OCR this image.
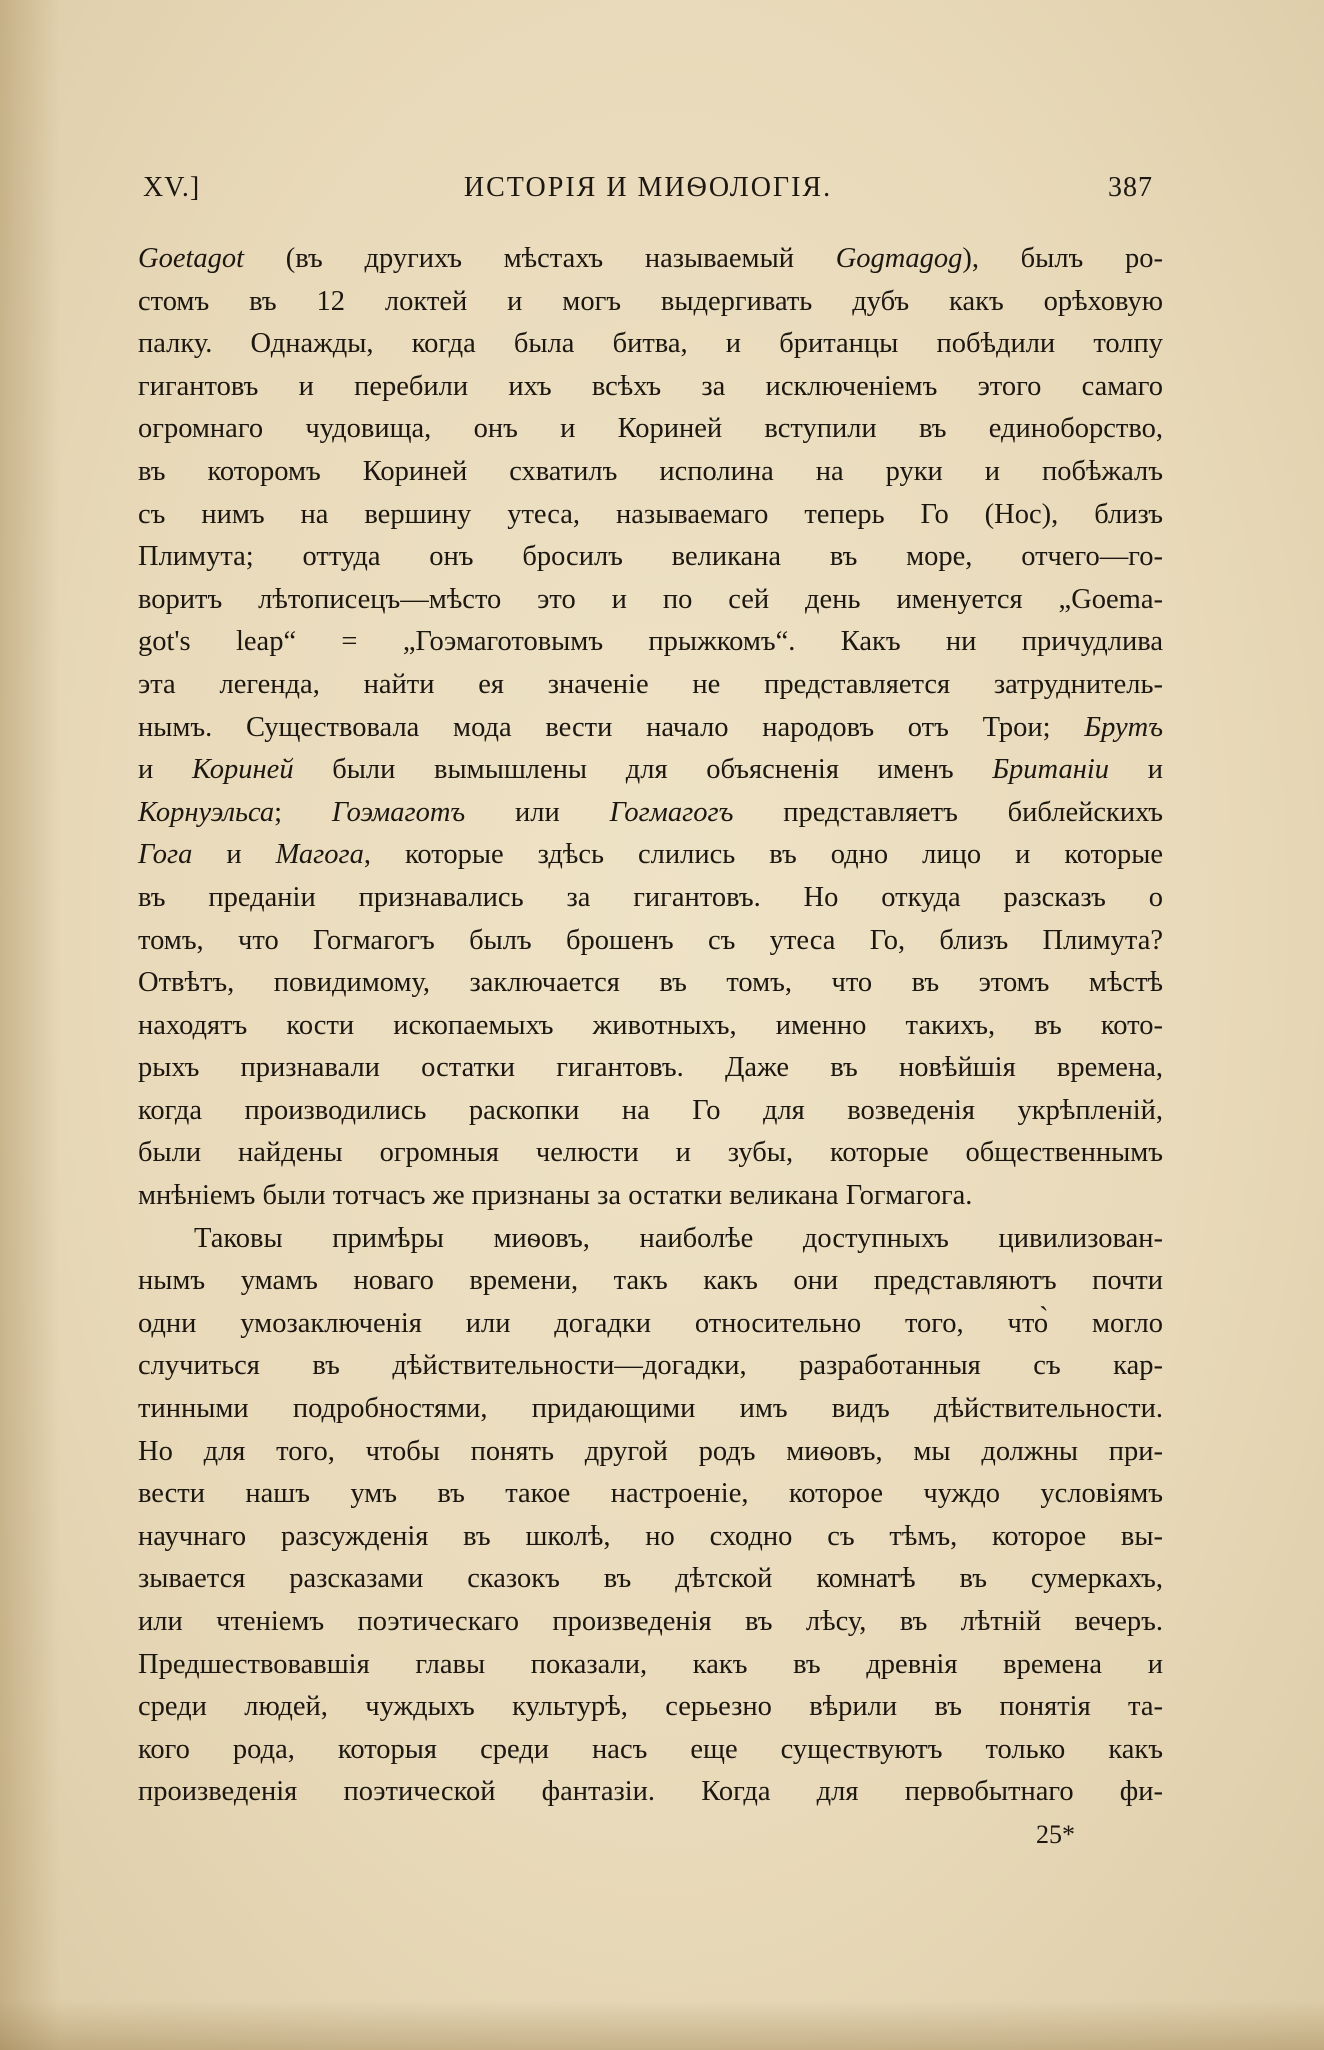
XV.]	ИСТОРІЯ И МИѲОЛОГІЯ.	387
Goetagot (въ другихъ мѣстахъ называемый Gogmagog), былъ ро-
стомъ въ 12 локтей и могъ выдергивать дубъ какъ орѣховую
палку. Однажды, когда была битва, и британцы побѣдили толпу
гигантовъ и перебили ихъ всѣхъ за исключеніемъ этого самаго
огромнаго чудовища, онъ и Кориней вступили въ единоборство,
въ которомъ Кориней схватилъ исполина на руки и побѣжалъ
съ нимъ на вершину утеса, называемаго теперь Го (Hoc), близъ
Плимута; оттуда онъ бросилъ великана въ море, отчего—го-
воритъ лѣтописецъ—мѣсто это и по сей день именуется „Goema-
got's leap“ = „Гоэмаготовымъ прыжкомъ“. Какъ ни причудлива
эта легенда, найти ея значеніе не представляется затруднитель-
нымъ. Существовала мода вести начало народовъ отъ Трои; Брутъ
и Кориней были вымышлены для объясненія именъ Британіи и
Корнуэльса; Гоэмаготъ или Гогмагогъ представляетъ библейскихъ
Гога и Магога, которые здѣсь слились въ одно лицо и которые
въ преданіи признавались за гигантовъ. Но откуда разсказъ о
томъ, что Гогмагогъ былъ брошенъ съ утеса Го, близъ Плимута?
Отвѣтъ, повидимому, заключается въ томъ, что въ этомъ мѣстѣ
находятъ кости ископаемыхъ животныхъ, именно такихъ, въ кото-
рыхъ признавали остатки гигантовъ. Даже въ новѣйшія времена,
когда производились раскопки на Го для возведенія укрѣпленій,
были найдены огромныя челюсти и зубы, которые общественнымъ
мнѣніемъ были тотчасъ же признаны за остатки великана Гогмагога.
Таковы примѣры миѳовъ, наиболѣе доступныхъ цивилизован-
нымъ умамъ новаго времени, такъ какъ они представляютъ почти
одни умозаключенія или догадки относительно того, что̀ могло
случиться въ дѣйствительности—догадки, разработанныя съ кар-
тинными подробностями, придающими имъ видъ дѣйствительности.
Но для того, чтобы понять другой родъ миѳовъ, мы должны при-
вести нашъ умъ въ такое настроеніе, которое чуждо условіямъ
научнаго разсужденія въ школѣ, но сходно съ тѣмъ, которое вы-
зывается разсказами сказокъ въ дѣтской комнатѣ въ сумеркахъ,
или чтеніемъ поэтическаго произведенія въ лѣсу, въ лѣтній вечеръ.
Предшествовавшія главы показали, какъ въ древнія времена и
среди людей, чуждыхъ культурѣ, серьезно вѣрили въ понятія та-
кого рода, которыя среди насъ еще существуютъ только какъ
произведенія поэтической фантазіи. Когда для первобытнаго фи-
25*
